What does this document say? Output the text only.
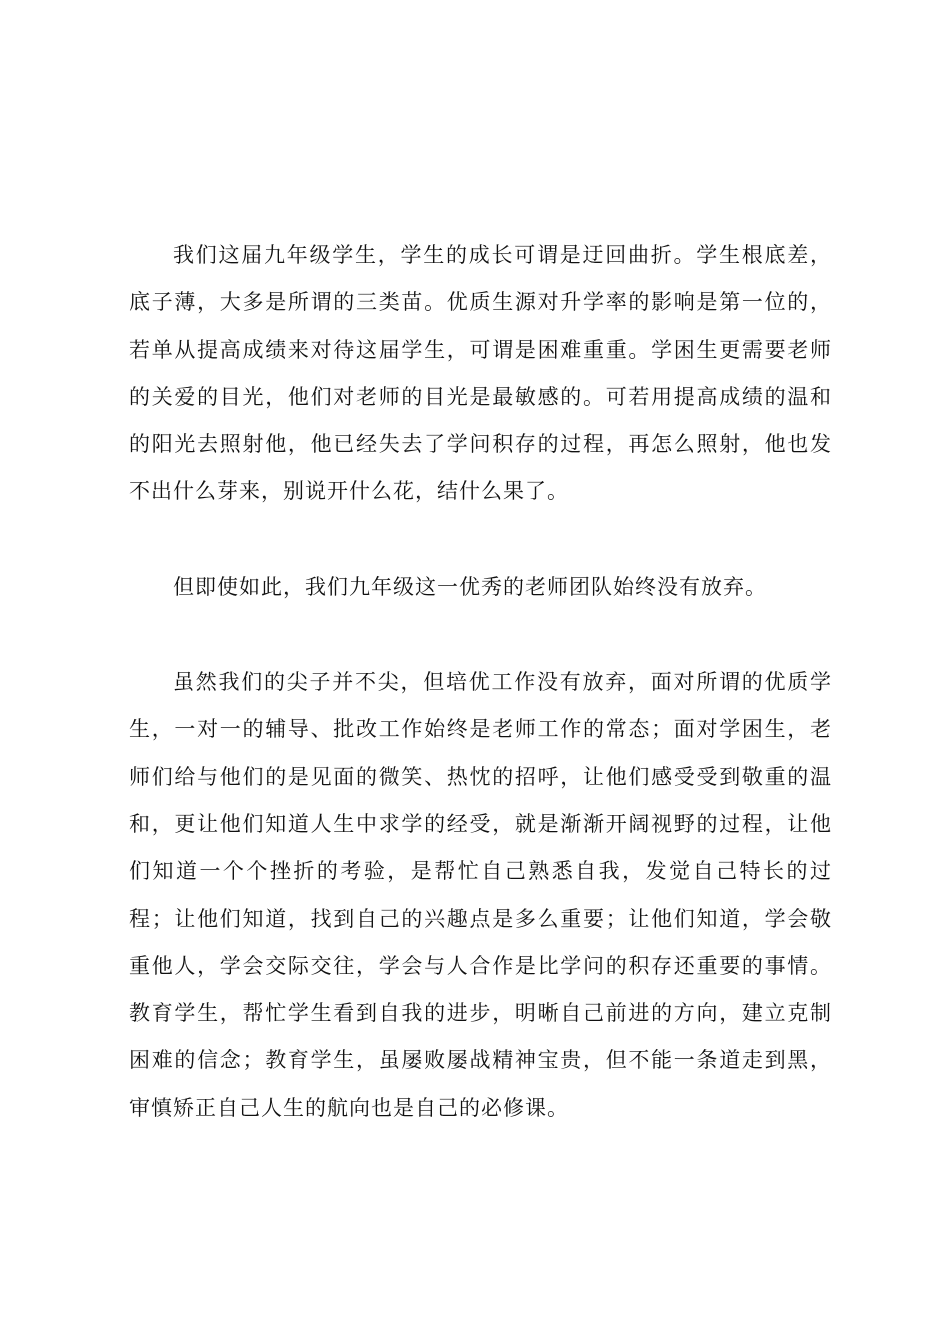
我们这届九年级学生，学生的成长可谓是迂回曲折。学生根底差，底子薄，大多是所谓的三类苗。优质生源对升学率的影响是第一位的，若单从提高成绩来对待这届学生，可谓是困难重重。学困生更需要老师的关爱的目光，他们对老师的目光是最敏感的。可若用提高成绩的温和的阳光去照射他，他已经失去了学问积存的过程，再怎么照射，他也发不出什么芽来，别说开什么花，结什么果了。

但即使如此，我们九年级这一优秀的老师团队始终没有放弃。

虽然我们的尖子并不尖，但培优工作没有放弃，面对所谓的优质学生，一对一的辅导、批改工作始终是老师工作的常态；面对学困生，老师们给与他们的是见面的微笑、热忱的招呼，让他们感受受到敬重的温和，更让他们知道人生中求学的经受，就是渐渐开阔视野的过程，让他们知道一个个挫折的考验，是帮忙自己熟悉自我，发觉自己特长的过程；让他们知道，找到自己的兴趣点是多么重要；让他们知道，学会敬重他人，学会交际交往，学会与人合作是比学问的积存还重要的事情。教育学生，帮忙学生看到自我的进步，明晰自己前进的方向，建立克制困难的信念；教育学生，虽屡败屡战精神宝贵，但不能一条道走到黑，审慎矫正自己人生的航向也是自己的必修课。
